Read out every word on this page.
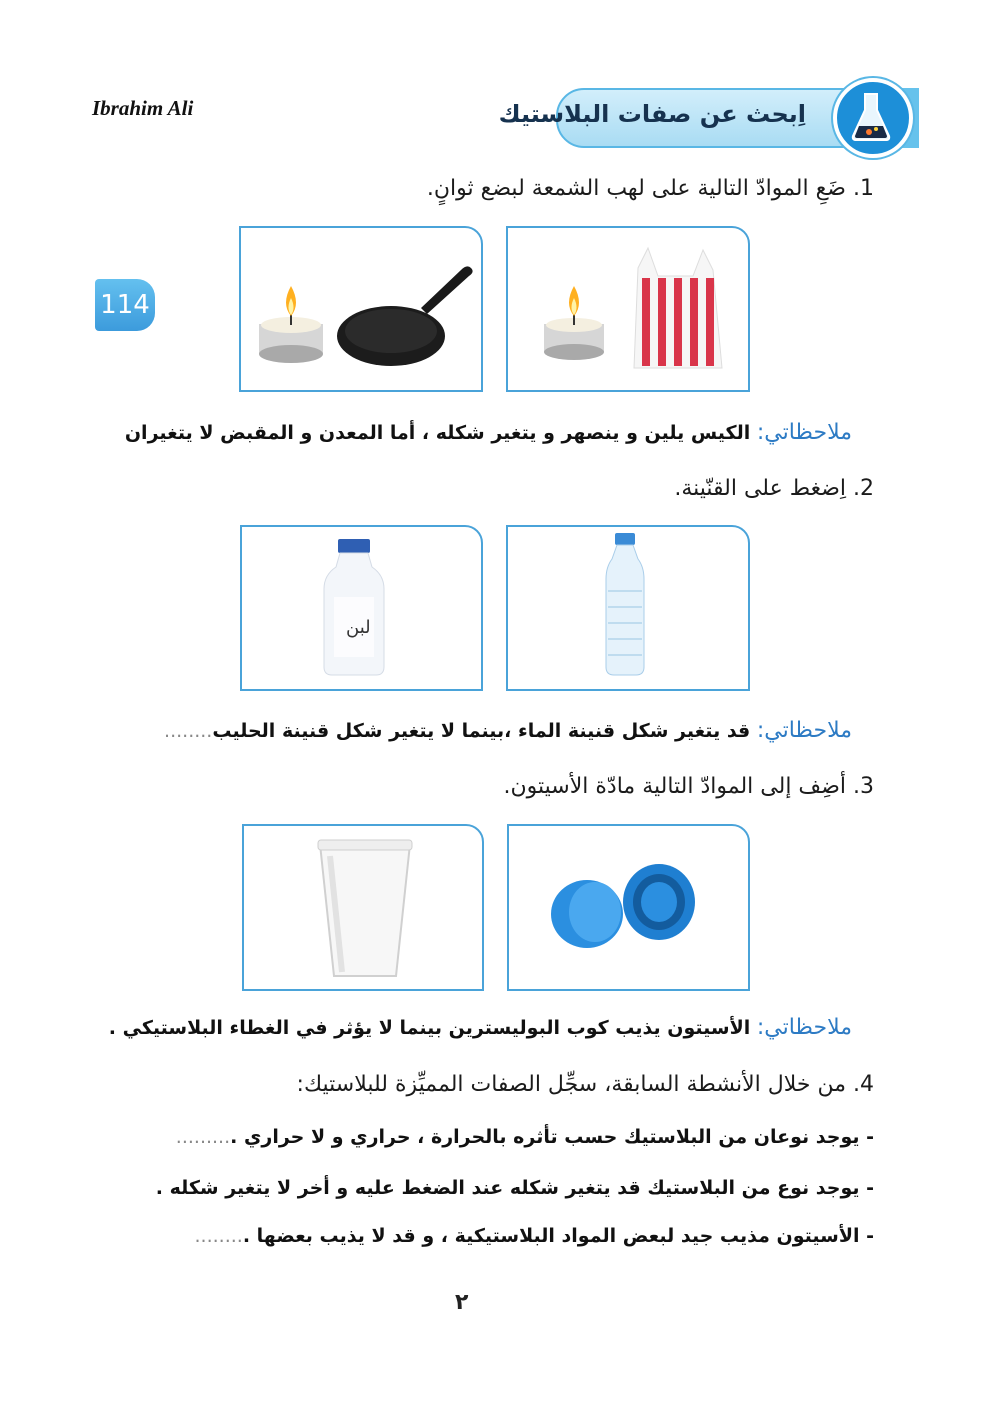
Ibrahim Ali	اِبحث عن صفات البلاستيك
1. ضَعِ الموادّ التالية على لهب الشمعة لبضع ثوانٍ.
114
ملاحظاتي: الكيس يلين و ينصهر و يتغير شكله ، أما المعدن و المقبض لا يتغيران
2. اِضغط على القنّينة.
لبن
ملاحظاتي: قد يتغير شكل قنينة الماء ،بينما لا يتغير شكل قنينة الحليب........
3. أضِف إلى الموادّ التالية مادّة الأسيتون.
ملاحظاتي: الأسيتون يذيب كوب البوليسترين بينما لا يؤثر في الغطاء البلاستيكي .
4. من خلال الأنشطة السابقة، سجِّل الصفات المميِّزة للبلاستيك:
- يوجد نوعان من البلاستيك حسب تأثره بالحرارة ، حراري و لا حراري ..........
- يوجد نوع من البلاستيك قد يتغير شكله عند الضغط عليه و أخر لا يتغير شكله .
- الأسيتون مذيب جيد لبعض المواد البلاستيكية ، و قد لا يذيب بعضها .........
٢
